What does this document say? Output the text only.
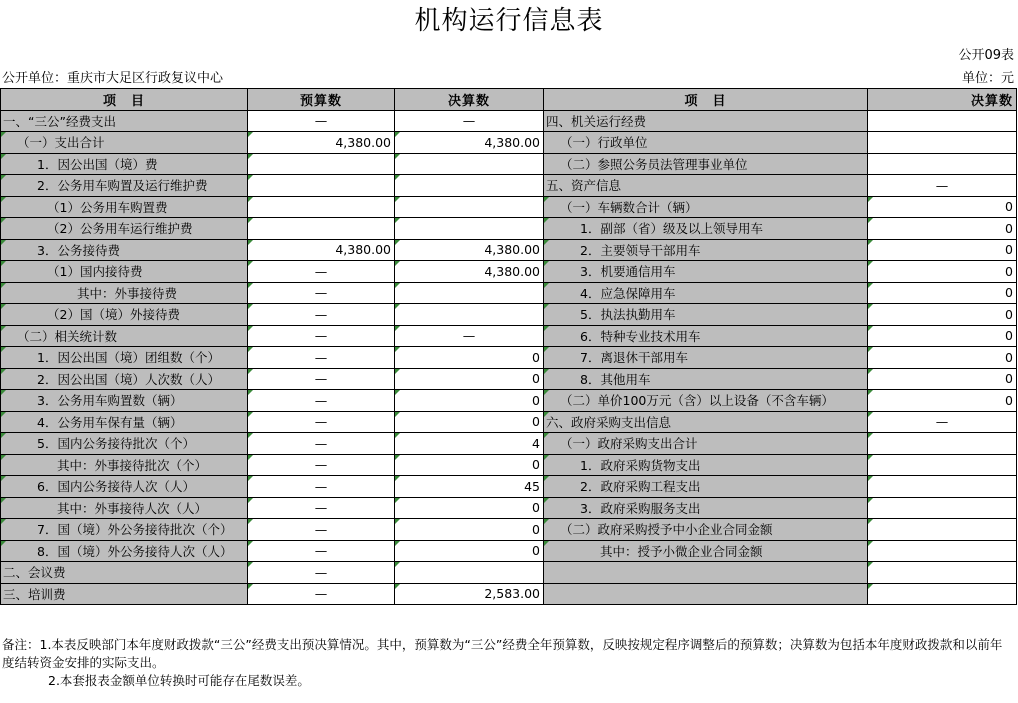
机构运行信息表
公开09表
公开单位：重庆市大足区行政复议中心	单位：元
项　目	预算数	决算数	项　目	决算数
一、“三公”经费支出	—	—	四、机关运行经费	
（一）支出合计	4,380.00	4,380.00	（一）行政单位	
1．因公出国（境）费			（二）参照公务员法管理事业单位	
2．公务用车购置及运行维护费			五、资产信息	—
（1）公务用车购置费			（一）车辆数合计（辆）	0
（2）公务用车运行维护费			1．副部（省）级及以上领导用车	0
3．公务接待费	4,380.00	4,380.00	2．主要领导干部用车	0
（1）国内接待费	—	4,380.00	3．机要通信用车	0
其中：外事接待费	—		4．应急保障用车	0
（2）国（境）外接待费	—		5．执法执勤用车	0
（二）相关统计数	—	—	6．特种专业技术用车	0
1．因公出国（境）团组数（个）	—	0	7．离退休干部用车	0
2．因公出国（境）人次数（人）	—	0	8．其他用车	0
3．公务用车购置数（辆）	—	0	（二）单价100万元（含）以上设备（不含车辆）	0
4．公务用车保有量（辆）	—	0	六、政府采购支出信息	—
5．国内公务接待批次（个）	—	4	（一）政府采购支出合计	
其中：外事接待批次（个）	—	0	1．政府采购货物支出	
6．国内公务接待人次（人）	—	45	2．政府采购工程支出	
其中：外事接待人次（人）	—	0	3．政府采购服务支出	
7．国（境）外公务接待批次（个）	—	0	（二）政府采购授予中小企业合同金额	
8．国（境）外公务接待人次（人）	—	0	其中：授予小微企业合同金额	
二、会议费	—			
三、培训费	—	2,583.00		
备注：1.本表反映部门本年度财政拨款“三公”经费支出预决算情况。其中，预算数为“三公”经费全年预算数，反映按规定程序调整后的预算数；决算数为包括本年度财政拨款和以前年度结转资金安排的实际支出。
2.本套报表金额单位转换时可能存在尾数误差。
